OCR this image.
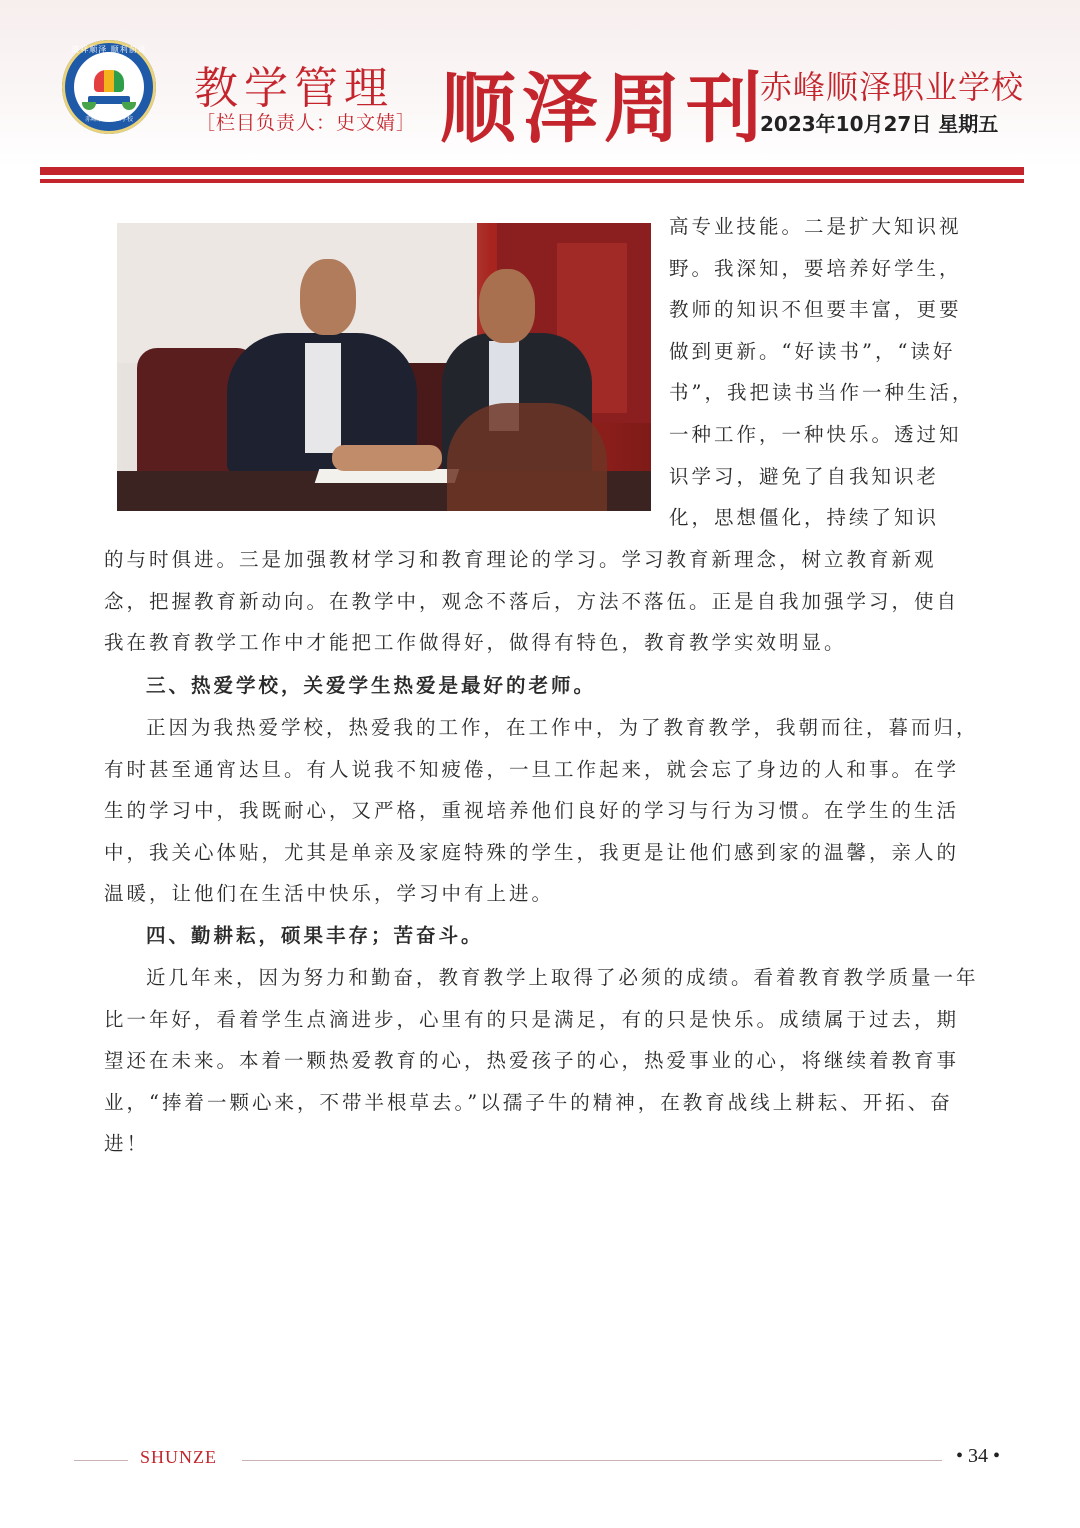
道祥顺泽 顺利前进
赤峰顺泽职业学校
教学管理
［栏目负责人：史文婧］ 顺泽周刊
赤峰顺泽职业学校
2023年10月27日 星期五
高专业技能。二是扩大知识视野。我深知，要培养好学生，教师的知识不但要丰富，更要做到更新。“好读书”，“读好书”，我把读书当作一种生活，一种工作，一种快乐。透过知识学习，避免了自我知识老化，思想僵化，持续了知识

的与时俱进。三是加强教材学习和教育理论的学习。学习教育新理念，树立教育新观念，把握教育新动向。在教学中，观念不落后，方法不落伍。正是自我加强学习，使自我在教育教学工作中才能把工作做得好，做得有特色，教育教学实效明显。

三、热爱学校，关爱学生热爱是最好的老师。

正因为我热爱学校，热爱我的工作，在工作中，为了教育教学，我朝而往，暮而归，有时甚至通宵达旦。有人说我不知疲倦，一旦工作起来，就会忘了身边的人和事。在学生的学习中，我既耐心，又严格，重视培养他们良好的学习与行为习惯。在学生的生活中，我关心体贴，尤其是单亲及家庭特殊的学生，我更是让他们感到家的温馨，亲人的温暖，让他们在生活中快乐，学习中有上进。

四、勤耕耘，硕果丰存；苦奋斗。

近几年来，因为努力和勤奋，教育教学上取得了必须的成绩。看着教育教学质量一年比一年好，看着学生点滴进步，心里有的只是满足，有的只是快乐。成绩属于过去，期望还在未来。本着一颗热爱教育的心，热爱孩子的心，热爱事业的心，将继续着教育事业，“捧着一颗心来，不带半根草去。”以孺子牛的精神，在教育战线上耕耘、开拓、奋进！

SHUNZE	• 34 •
